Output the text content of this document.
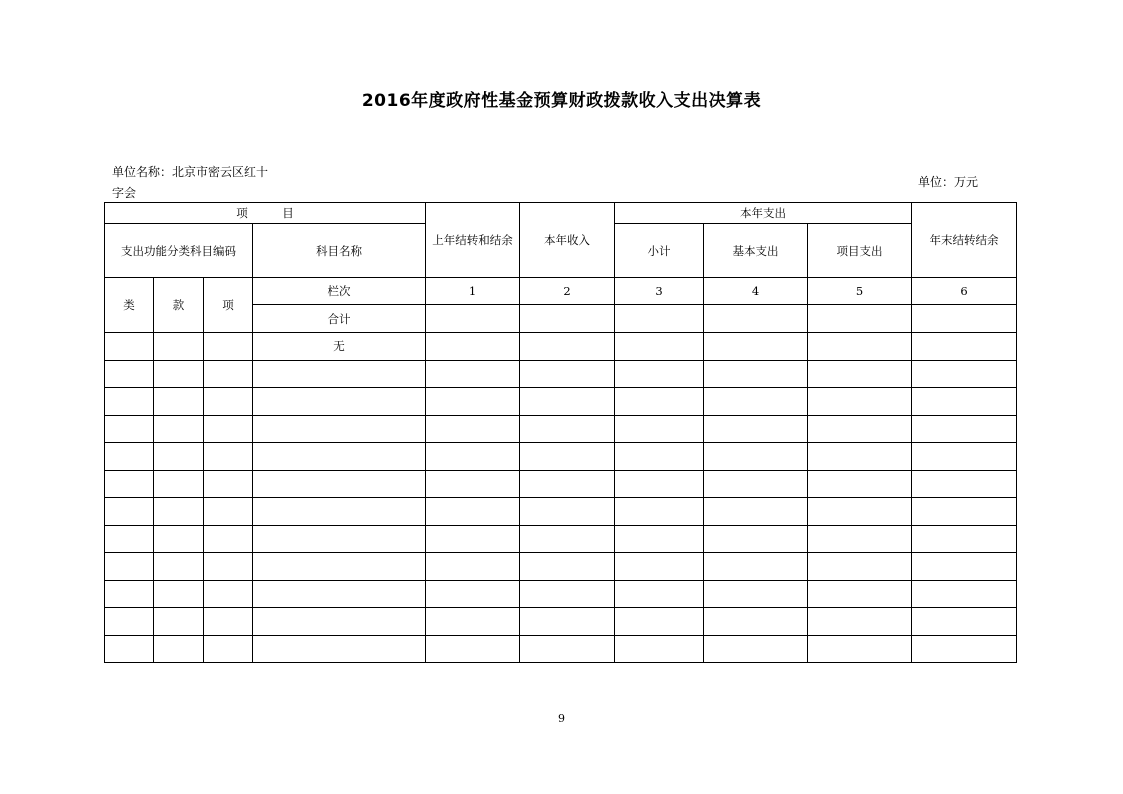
2016年度政府性基金预算财政拨款收入支出决算表
单位名称：北京市密云区红十字会
单位：万元
项　　　目				上年结转和结余	本年收入	本年支出			年末结转结余
支出功能分类科目编码			科目名称			小计	基本支出	项目支出	
类	款	项	栏次	1	2	3	4	5	6
			合计						
			无						

9
